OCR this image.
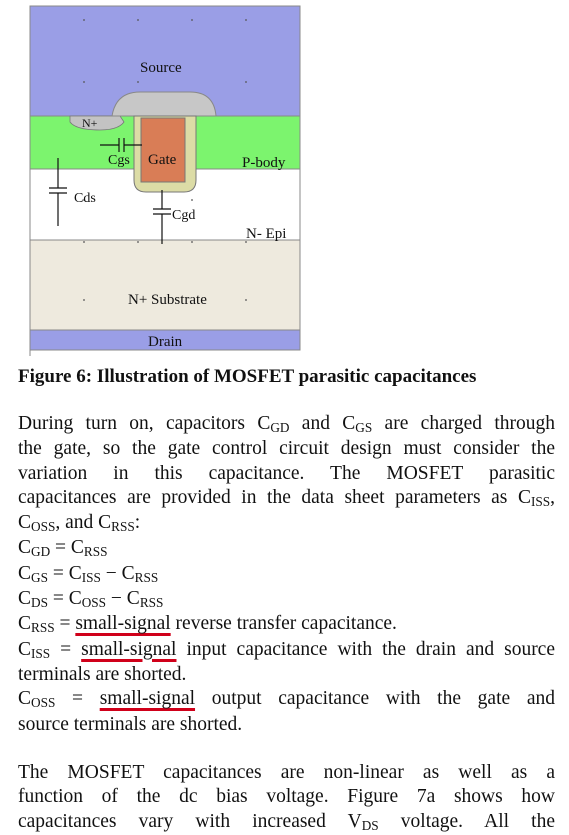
Source
N+
Cgs Gate	P-body
Cds
Cgd
N- Epi
N+ Substrate
Drain

Figure 6: Illustration of MOSFET parasitic capacitances

During turn on, capacitors CGD and CGS are charged through

the gate, so the gate control circuit design must consider the

variation in this capacitance. The MOSFET parasitic

capacitances are provided in the data sheet parameters as CISS,

COSS, and CRSS:

CGD = CRSS

CGS = CISS − CRSS

CDS = COSS − CRSS

CRSS = small-signal reverse transfer capacitance.

CISS = small-signal input capacitance with the drain and source

terminals are shorted.

COSS = small-signal output capacitance with the gate and

source terminals are shorted.

The MOSFET capacitances are non-linear as well as a

function of the dc bias voltage. Figure 7a shows how

capacitances vary with increased VDS voltage. All the
